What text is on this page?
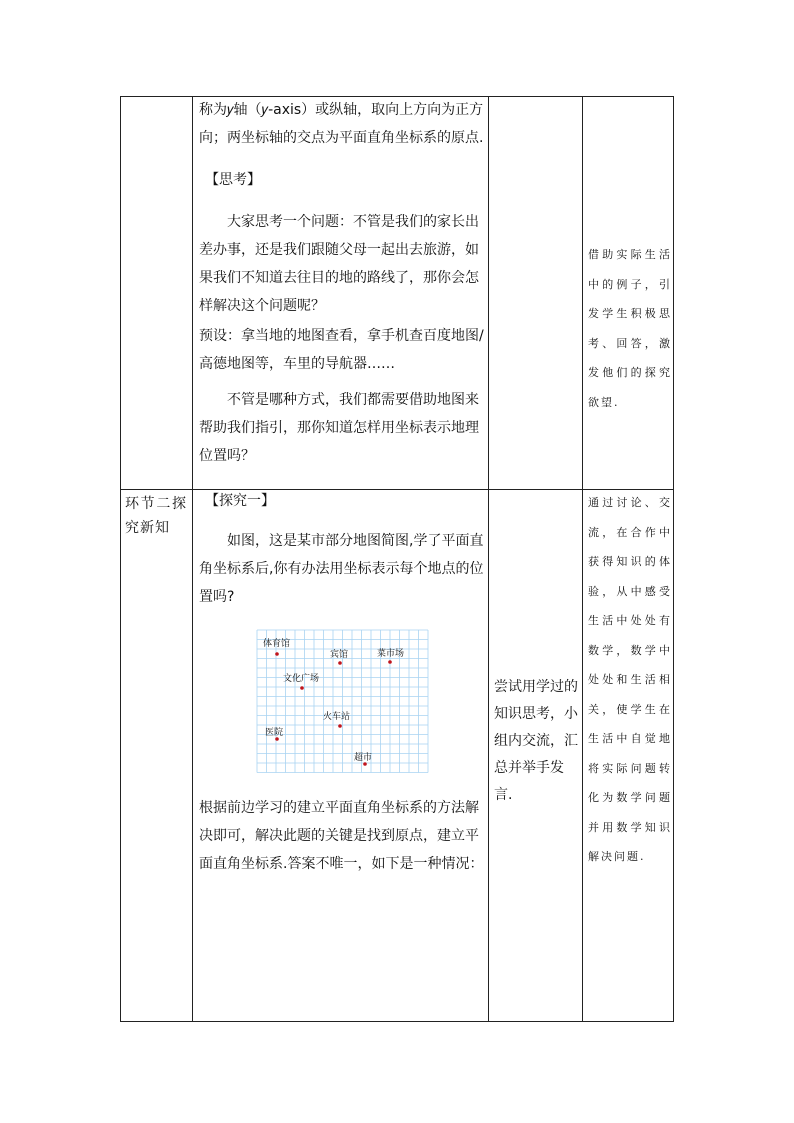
称为𝑦轴（𝑦-axis）或纵轴，取向上方向为正方向；两坐标轴的交点为平面直角坐标系的原点.

【思考】

大家思考一个问题：不管是我们的家长出差办事，还是我们跟随父母一起出去旅游，如果我们不知道去往目的地的路线了，那你会怎样解决这个问题呢？

预设：拿当地的地图查看，拿手机查百度地图/高德地图等，车里的导航器……

不管是哪种方式，我们都需要借助地图来帮助我们指引，那你知道怎样用坐标表示地理位置吗？

借助实际生活中的例子，引发学生积极思考、回答，激发他们的探究欲望.

环节二探究新知

【探究一】

如图，这是某市部分地图简图,学了平面直角坐标系后,你有办法用坐标表示每个地点的位置吗?

体育馆
宾馆	菜市场
文化广场
火车站
医院
超市

根据前边学习的建立平面直角坐标系的方法解决即可，解决此题的关键是找到原点，建立平面直角坐标系.答案不唯一，如下是一种情况：

尝试用学过的知识思考，小组内交流，汇总并举手发言.

通过讨论、交流，在合作中获得知识的体验，从中感受生活中处处有数学，数学中处处和生活相关，使学生在生活中自觉地将实际问题转化为数学问题并用数学知识解决问题.
